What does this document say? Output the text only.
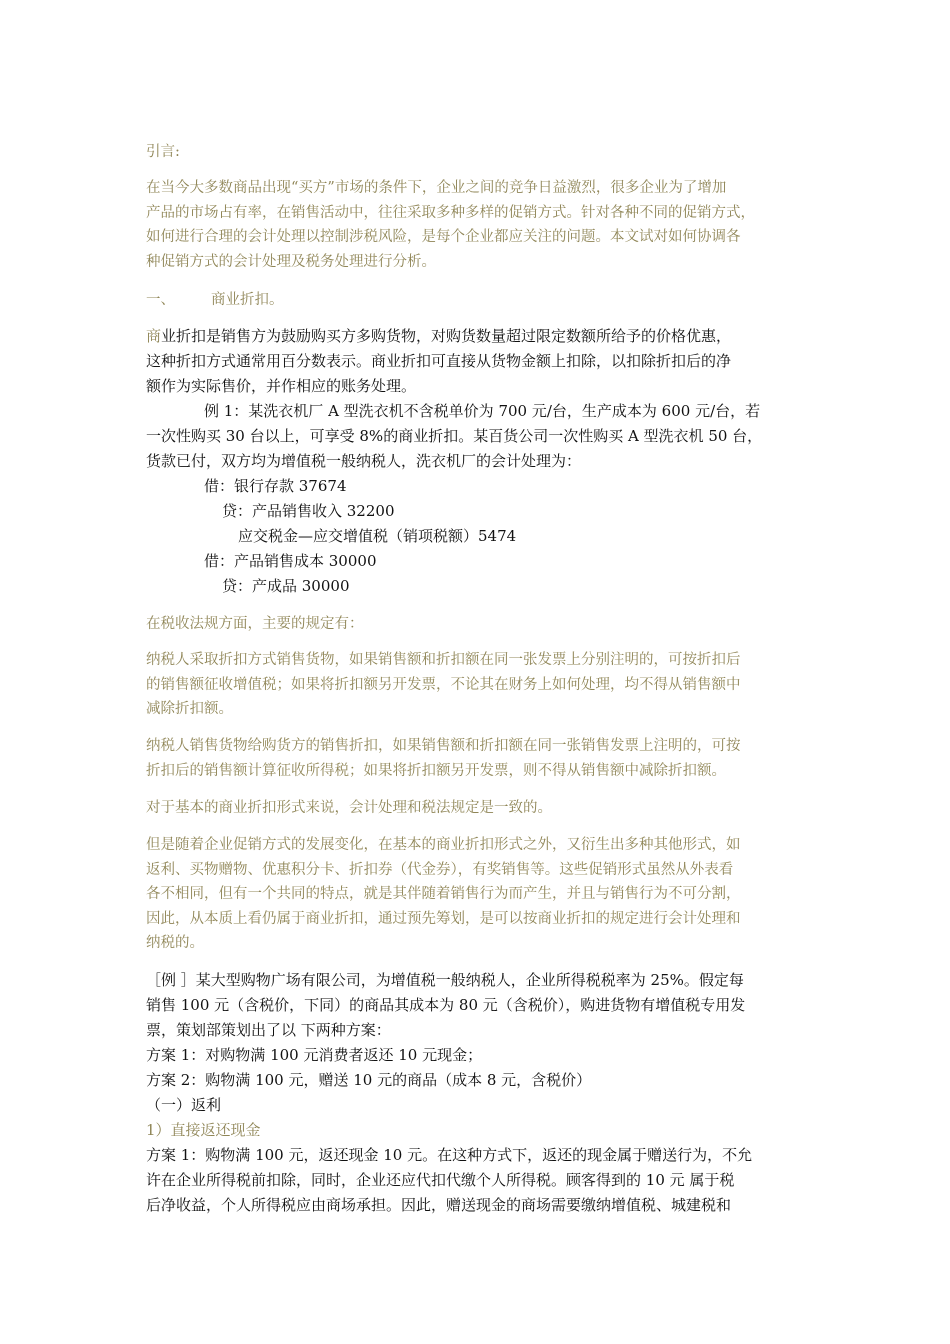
引言:

在当今大多数商品出现“买方”市场的条件下，企业之间的竞争日益激烈，很多企业为了增加
产品的市场占有率，在销售活动中，往往采取多种多样的促销方式。针对各种不同的促销方式，
如何进行合理的会计处理以控制涉税风险，是每个企业都应关注的问题。本文试对如何协调各
种促销方式的会计处理及税务处理进行分析。

一、 商业折扣。

商业折扣是销售方为鼓励购买方多购货物，对购货数量超过限定数额所给予的价格优惠，
这种折扣方式通常用百分数表示。商业折扣可直接从货物金额上扣除，以扣除折扣后的净
额作为实际售价，并作相应的账务处理。

例 1：某洗衣机厂 A 型洗衣机不含税单价为 700 元/台，生产成本为 600 元/台，若
一次性购买 30 台以上，可享受 8%的商业折扣。某百货公司一次性购买 A 型洗衣机 50 台，
货款已付，双方均为增值税一般纳税人，洗衣机厂的会计处理为：

借：银行存款 37674
贷：产品销售收入 32200
应交税金—应交增值税（销项税额）5474
借：产品销售成本 30000
贷：产成品 30000

在税收法规方面，主要的规定有：

纳税人采取折扣方式销售货物，如果销售额和折扣额在同一张发票上分别注明的，可按折扣后
的销售额征收增值税；如果将折扣额另开发票，不论其在财务上如何处理，均不得从销售额中
减除折扣额。

纳税人销售货物给购货方的销售折扣，如果销售额和折扣额在同一张销售发票上注明的，可按
折扣后的销售额计算征收所得税；如果将折扣额另开发票，则不得从销售额中减除折扣额。

对于基本的商业折扣形式来说，会计处理和税法规定是一致的。

但是随着企业促销方式的发展变化，在基本的商业折扣形式之外，又衍生出多种其他形式，如
返利、买物赠物、优惠积分卡、折扣券（代金券），有奖销售等。这些促销形式虽然从外表看
各不相同，但有一个共同的特点，就是其伴随着销售行为而产生，并且与销售行为不可分割，
因此，从本质上看仍属于商业折扣，通过预先筹划，是可以按商业折扣的规定进行会计处理和
纳税的。

［例 ］某大型购物广场有限公司，为增值税一般纳税人，企业所得税税率为 25%。假定每
销售 100 元（含税价，下同）的商品其成本为 80 元（含税价），购进货物有增值税专用发
票，策划部策划出了以 下两种方案：

方案 1：对购物满 100 元消费者返还 10 元现金；
方案 2：购物满 100 元，赠送 10 元的商品（成本 8 元，含税价）
（一）返利
1）直接返还现金

方案 1：购物满 100 元，返还现金 10 元。在这种方式下，返还的现金属于赠送行为，不允
许在企业所得税前扣除，同时，企业还应代扣代缴个人所得税。顾客得到的 10 元 属于税
后净收益，个人所得税应由商场承担。因此，赠送现金的商场需要缴纳增值税、城建税和
